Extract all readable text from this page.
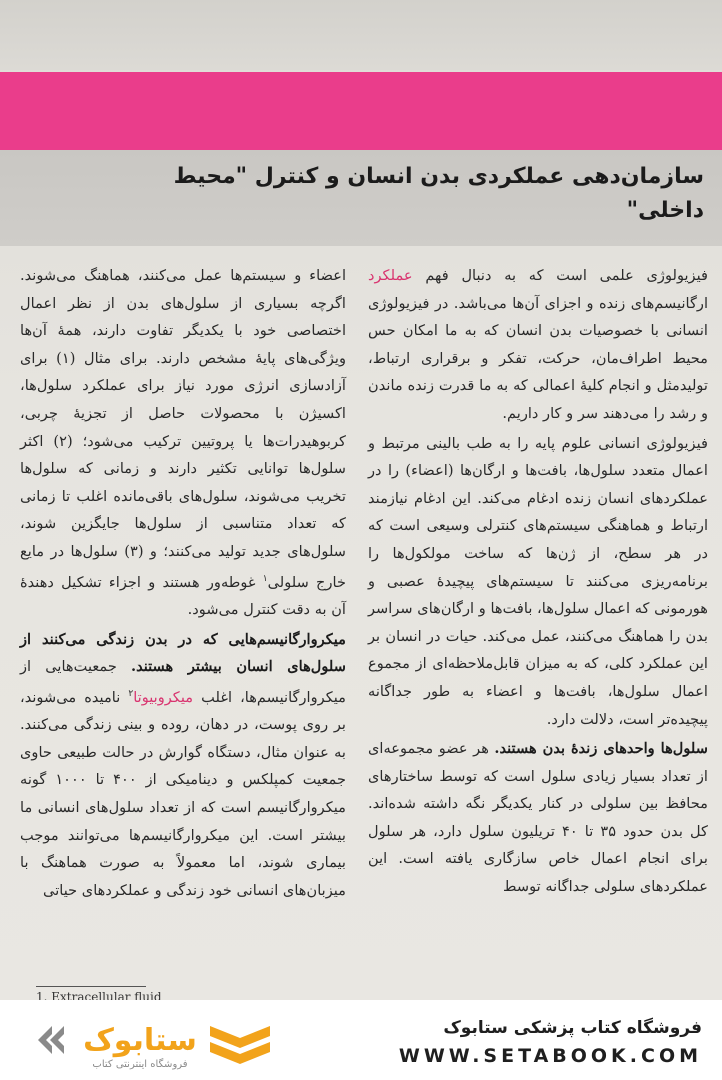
سازمان‌دهی عملکردی بدن انسان و کنترل "محیط داخلی"

فیزیولوژی علمی است که به دنبال فهم عملکرد ارگانیسم‌های زنده و اجزای آن‌ها می‌باشد. در فیزیولوژی انسانی با خصوصیات بدن انسان که به ما امکان حس محیط اطراف‌مان، حرکت، تفکر و برقراری ارتباط، تولیدمثل و انجام کلیهٔ اعمالی که به ما قدرت زنده ماندن و رشد را می‌دهند سر و کار داریم.

فیزیولوژی انسانی علوم پایه را به طب بالینی مرتبط و اعمال متعدد سلول‌ها، بافت‌ها و ارگان‌ها (اعضاء) را در عملکردهای انسان زنده ادغام می‌کند. این ادغام نیازمند ارتباط و هماهنگی سیستم‌های کنترلی وسیعی است که در هر سطح، از ژن‌ها که ساخت مولکول‌ها را برنامه‌ریزی می‌کنند تا سیستم‌های پیچیدهٔ عصبی و هورمونی که اعمال سلول‌ها، بافت‌ها و ارگان‌های سراسر بدن را هماهنگ می‌کنند، عمل می‌کند. حیات در انسان بر این عملکرد کلی، که به میزان قابل‌ملاحظه‌ای از مجموع اعمال سلول‌ها، بافت‌ها و اعضاء به طور جداگانه پیچیده‌تر است، دلالت دارد.

سلول‌ها واحدهای زندهٔ بدن هستند. هر عضو مجموعه‌ای از تعداد بسیار زیادی سلول است که توسط ساختارهای محافظ بین سلولی در کنار یکدیگر نگه داشته شده‌اند. کل بدن حدود ۳۵ تا ۴۰ تریلیون سلول دارد، هر سلول برای انجام اعمال خاص سازگاری یافته است. این عملکردهای سلولی جداگانه توسط

اعضاء و سیستم‌ها عمل می‌کنند، هماهنگ می‌شوند. اگرچه بسیاری از سلول‌های بدن از نظر اعمال اختصاصی خود با یکدیگر تفاوت دارند، همهٔ آن‌ها ویژگی‌های پایهٔ مشخص دارند. برای مثال (۱) برای آزادسازی انرژی مورد نیاز برای عملکرد سلول‌ها، اکسیژن با محصولات حاصل از تجزیهٔ چربی، کربوهیدرات‌ها یا پروتیین ترکیب می‌شود؛ (۲) اکثر سلول‌ها توانایی تکثیر دارند و زمانی که سلول‌ها تخریب می‌شوند، سلول‌های باقی‌مانده اغلب تا زمانی که تعداد متناسبی از سلول‌ها جایگزین شوند، سلول‌های جدید تولید می‌کنند؛ و (۳) سلول‌ها در مایع خارج سلولی$^۱$ غوطه‌ور هستند و اجزاء تشکیل دهندهٔ آن به دقت کنترل می‌شود.

میکروارگانیسم‌هایی که در بدن زندگی می‌کنند از سلول‌های انسان بیشتر هستند. جمعیت‌هایی از میکروارگانیسم‌ها، اغلب میکروبیوتا$^۲$ نامیده می‌شوند، بر روی پوست، در دهان، روده و بینی زندگی می‌کنند. به عنوان مثال، دستگاه گوارش در حالت طبیعی حاوی جمعیت کمپلکس و دینامیکی از ۴۰۰ تا ۱۰۰۰ گونه میکروارگانیسم است که از تعداد سلول‌های انسانی ما بیشتر است. این میکروارگانیسم‌ها می‌توانند موجب بیماری شوند، اما معمولاً به صورت هماهنگ با میزبان‌های انسانی خود زندگی و عملکردهای حیاتی

1. Extracellular fluid
ستابوک
فروشگاه اینترنتی کتاب
فروشگاه کتاب پزشکی ستابوک
WWW.SETABOOK.COM
